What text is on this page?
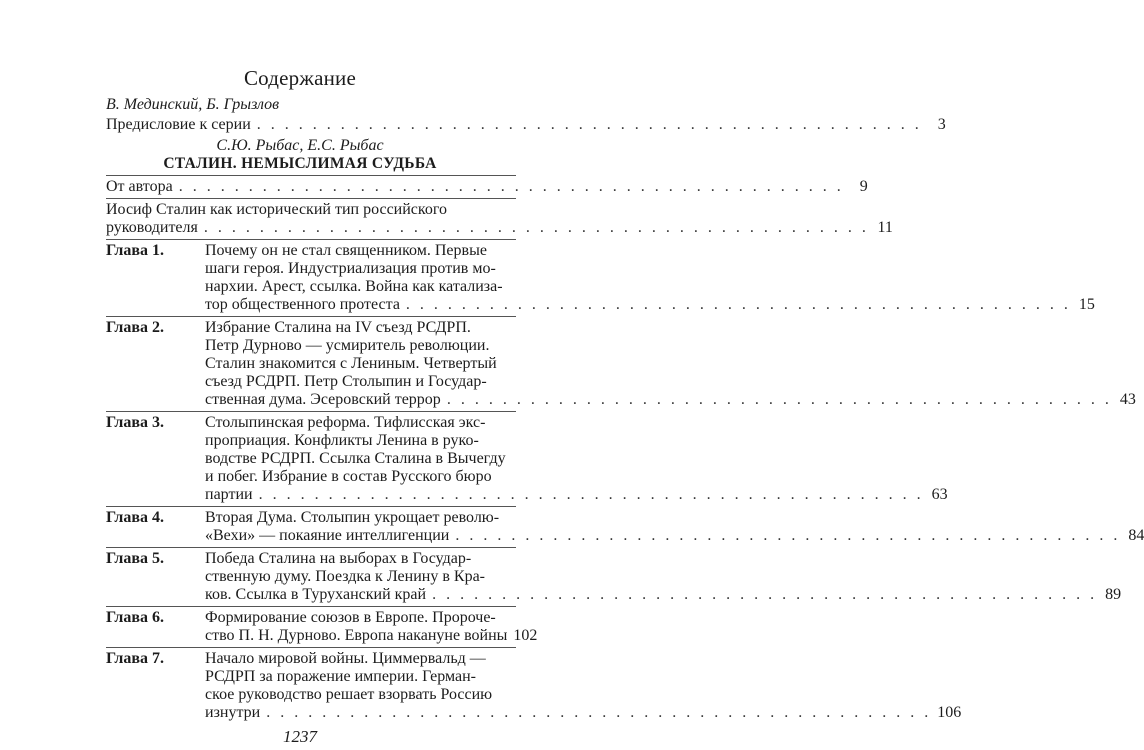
Содержание
В. Мединский, Б. Грызлов
Предисловие к серии . . . . . . . . . . . . . . . . . . . . . . . . . . . . . . . . . . . . . . . . . . . . . . . .	3
С.Ю. Рыбас, Е.С. Рыбас
СТАЛИН. НЕМЫСЛИМАЯ СУДЬБА
От автора . . . . . . . . . . . . . . . . . . . . . . . . . . . . . . . . . . . . . . . . . . . . . . . .	9
Иосиф Сталин как исторический тип российского
руководителя . . . . . . . . . . . . . . . . . . . . . . . . . . . . . . . . . . . . . . . . . . . . . . . . 11
Глава 1.	Почему он не стал священником. Первые
шаги героя. Индустриализация против мо-
нархии. Арест, ссылка. Война как катализа-
тор общественного протеста . . . . . . . . . . . . . . . . . . . . . . . . . . . . . . . . . . . . . . . . . . . . . . . . 15
Глава 2.	Избрание Сталина на IV съезд РСДРП.
Петр Дурново — усмиритель революции.
Сталин знакомится с Лениным. Четвертый
съезд РСДРП. Петр Столыпин и Государ-
ственная дума. Эсеровский террор . . . . . . . . . . . . . . . . . . . . . . . . . . . . . . . . . . . . . . . . . . . . . . . . 43
Глава 3.	Столыпинская реформа. Тифлисская экс-
проприация. Конфликты Ленина в руко-
водстве РСДРП. Ссылка Сталина в Вычегду
и побег. Избрание в состав Русского бюро
партии . . . . . . . . . . . . . . . . . . . . . . . . . . . . . . . . . . . . . . . . . . . . . . . . 63
Глава 4.	Вторая Дума. Столыпин укрощает револю-
«Вехи» — покаяние интеллигенции . . . . . . . . . . . . . . . . . . . . . . . . . . . . . . . . . . . . . . . . . . . . . . . . 84
Глава 5.	Победа Сталина на выборах в Государ-
ственную думу. Поездка к Ленину в Кра-
ков. Ссылка в Туруханский край . . . . . . . . . . . . . . . . . . . . . . . . . . . . . . . . . . . . . . . . . . . . . . . . 89
Глава 6.	Формирование союзов в Европе. Пророче-
ство П. Н. Дурново. Европа накануне войны 102
Глава 7.	Начало мировой войны. Циммервальд —
РСДРП за поражение империи. Герман-
ское руководство решает взорвать Россию
изнутри . . . . . . . . . . . . . . . . . . . . . . . . . . . . . . . . . . . . . . . . . . . . . . . . 106
1237
